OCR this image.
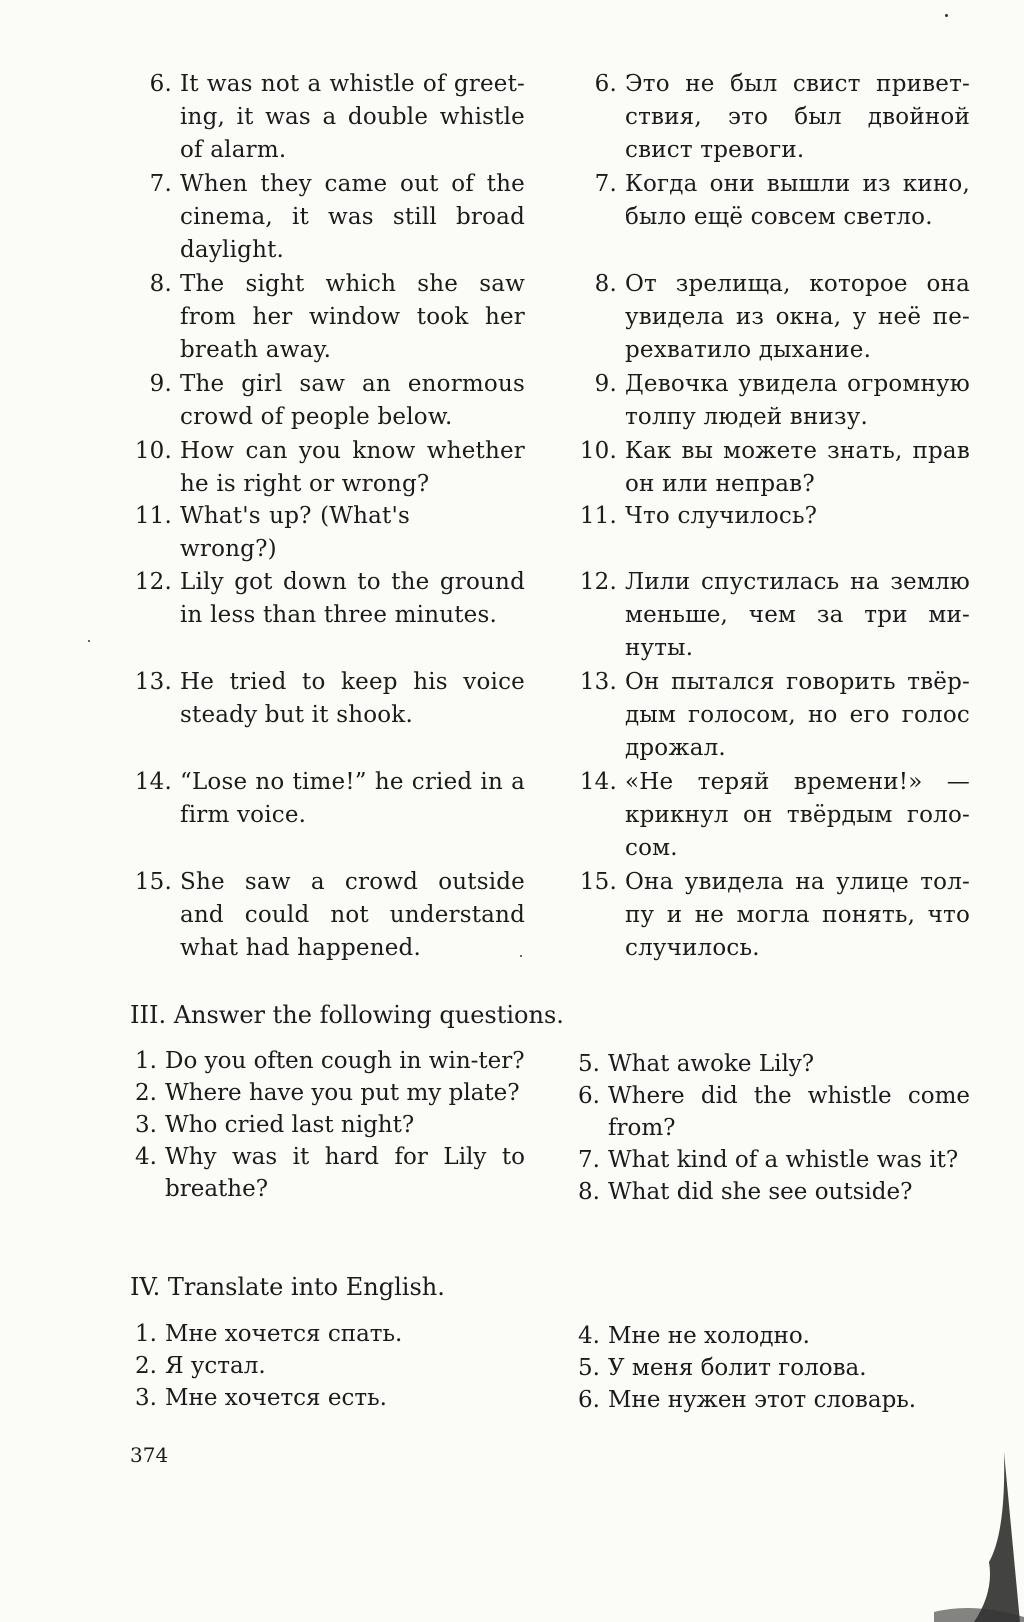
6. It was not a whistle of greet-ing, it was a double whistle of alarm.
7. When they came out of the cinema, it was still broad daylight.
8. The sight which she saw from her window took her breath away.
9. The girl saw an enormous crowd of people below.
10. How can you know whether he is right or wrong?
11. What's up? (What's wrong?)
12. Lily got down to the ground in less than three minutes.
13. He tried to keep his voice steady but it shook.
14. “Lose no time!” he cried in a firm voice.
15. She saw a crowd outside and could not understand what had happened.
6. Это не был свист привет-ствия, это был двойной свист тревоги.
7. Когда они вышли из кино, было ещё совсем светло.
8. От зрелища, которое она увидела из окна, у неё пе-рехватило дыхание.
9. Девочка увидела огромную толпу людей внизу.
10. Как вы можете знать, прав он или неправ?
11. Что случилось?
12. Лили спустилась на землю меньше, чем за три ми-нуты.
13. Он пытался говорить твёр-дым голосом, но его голос дрожал.
14. «Не теряй времени!» — крикнул он твёрдым голо-сом.
15. Она увидела на улице тол-пу и не могла понять, что случилось.
III. Answer the following questions.
1. Do you often cough in win-ter?
2. Where have you put my plate?
3. Who cried last night?
4. Why was it hard for Lily to breathe?
5. What awoke Lily?
6. Where did the whistle come from?
7. What kind of a whistle was it?
8. What did she see outside?
IV. Translate into English.
1. Мне хочется спать.
2. Я устал.
3. Мне хочется есть.
4. Мне не холодно.
5. У меня болит голова.
6. Мне нужен этот словарь.
374
